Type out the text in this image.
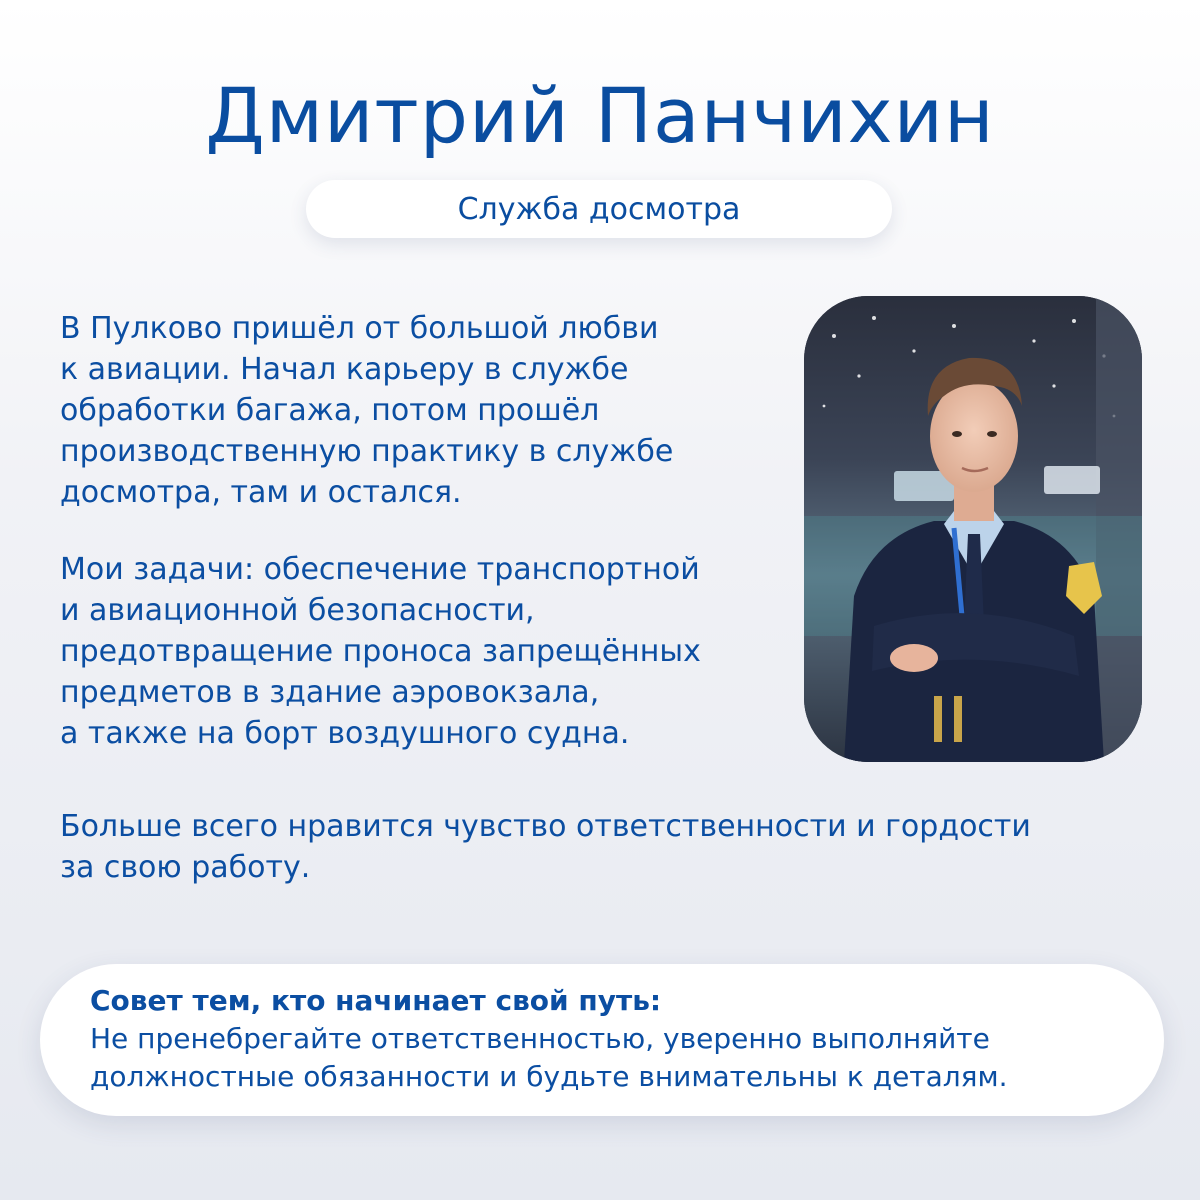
Дмитрий Панчихин
Служба досмотра

В Пулково пришёл от большой любви
к авиации. Начал карьеру в службе
обработки багажа, потом прошёл
производственную практику в службе
досмотра, там и остался.

Мои задачи: обеспечение транспортной
и авиационной безопасности,
предотвращение проноса запрещённых
предметов в здание аэровокзала,
а также на борт воздушного судна.

Больше всего нравится чувство ответственности и гордости
за свою работу.
Совет тем, кто начинает свой путь:
Не пренебрегайте ответственностью, уверенно выполняйте
должностные обязанности и будьте внимательны к деталям.
